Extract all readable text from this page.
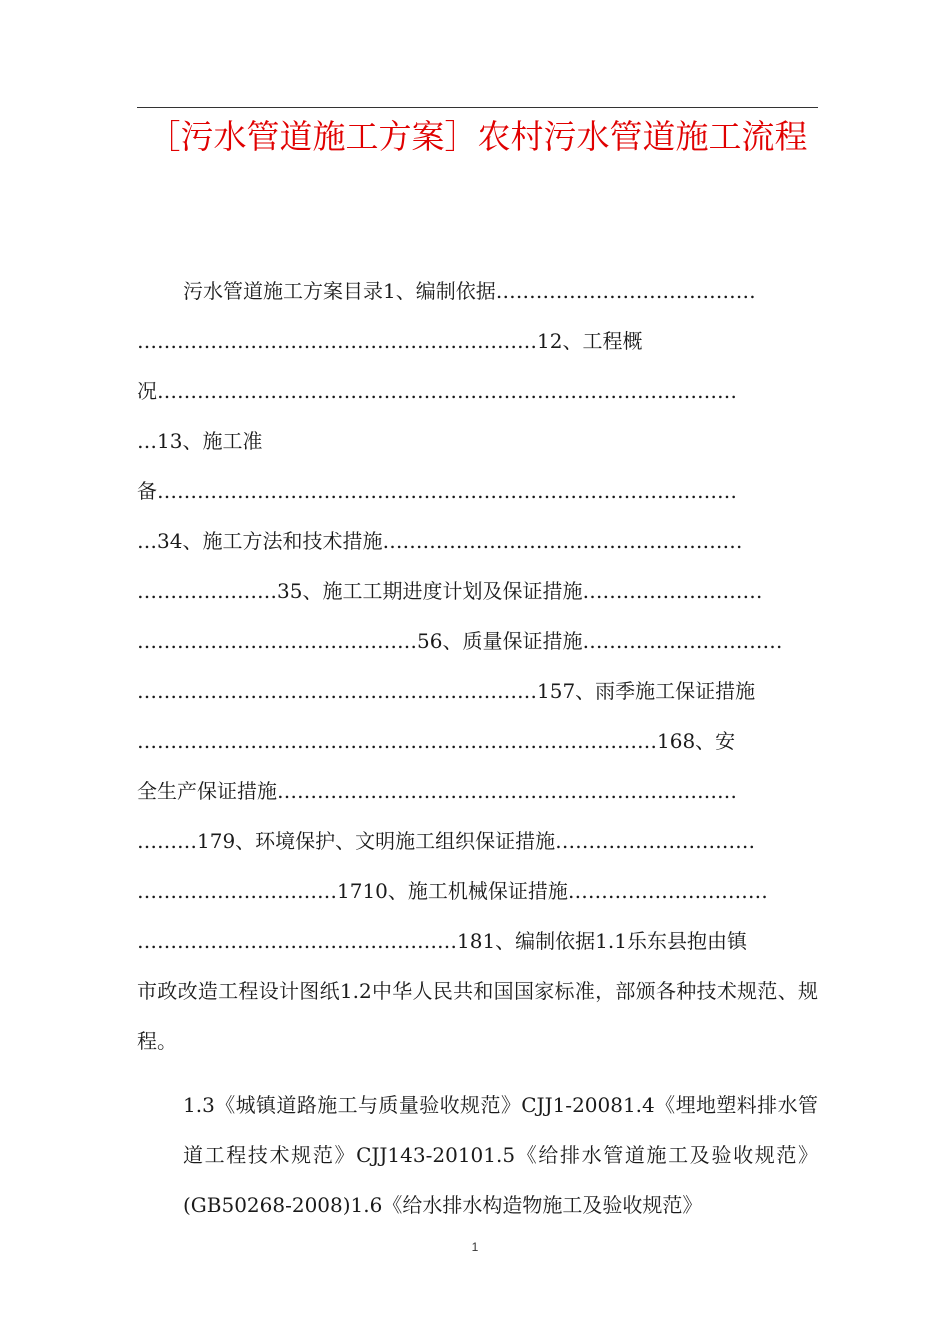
［污水管道施工方案］农村污水管道施工流程
污水管道施工方案目录1、编制依据…………………………………
……………………………………………………12、工程概
况……………………………………………………………………………
…13、施工准
备……………………………………………………………………………
…34、施工方法和技术措施………………………………………………
…………………35、施工工期进度计划及保证措施………………………
……………………………………56、质量保证措施…………………………
……………………………………………………157、雨季施工保证措施
……………………………………………………………………168、安
全生产保证措施……………………………………………………………
………179、环境保护、文明施工组织保证措施…………………………
…………………………1710、施工机械保证措施…………………………
…………………………………………181、编制依据1.1乐东县抱由镇

市政改造工程设计图纸1.2中华人民共和国国家标准，部颁各种技术规范、规程。

1.3《城镇道路施工与质量验收规范》CJJ1-20081.4《埋地塑料排水管道工程技术规范》CJJ143-20101.5《给排水管道施工及验收规范》(GB50268-2008)1.6《给水排水构造物施工及验收规范》

1
